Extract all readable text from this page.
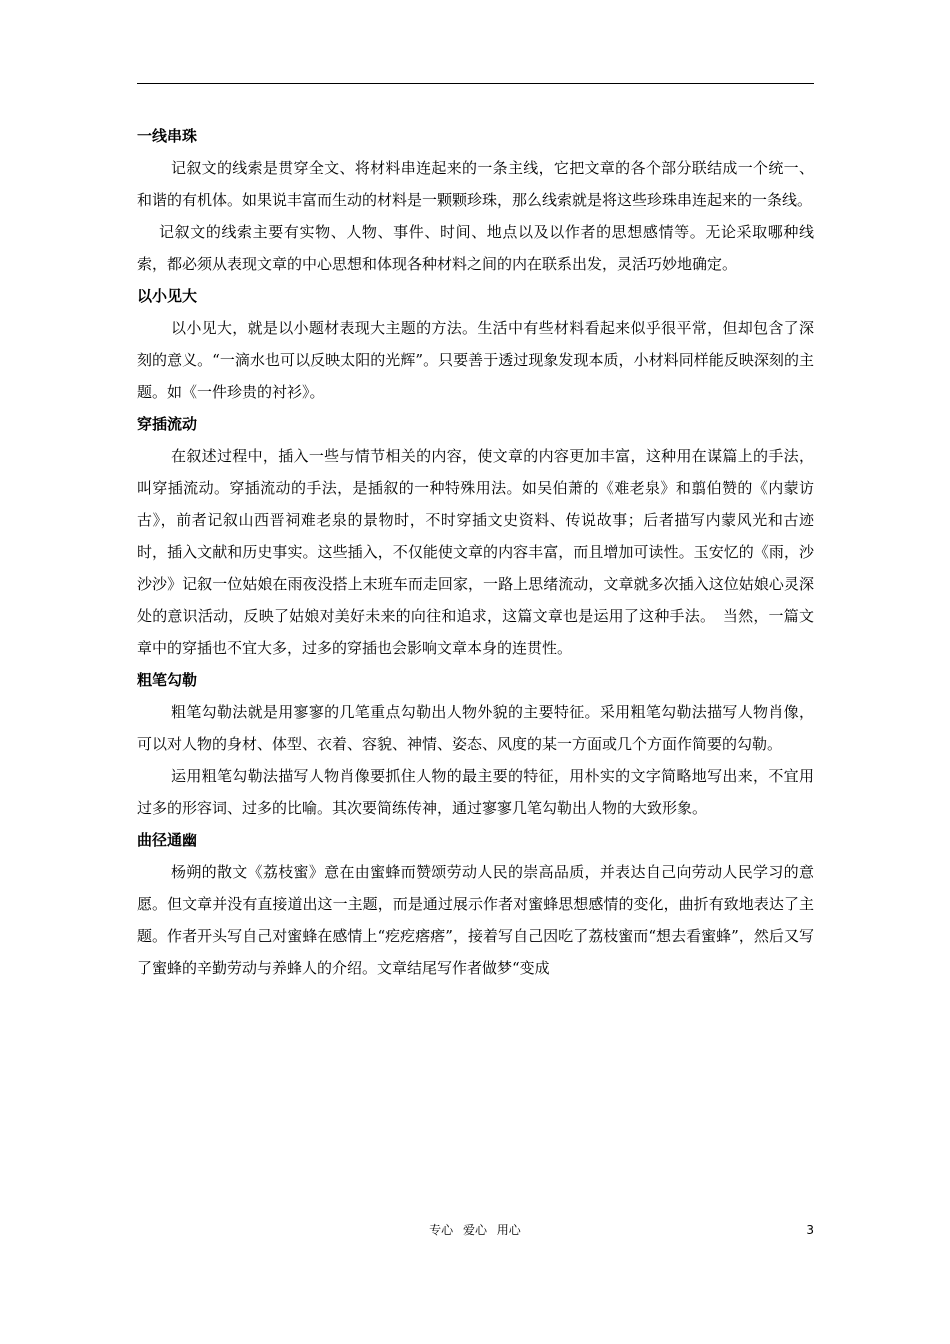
一线串珠

记叙文的线索是贯穿全文、将材料串连起来的一条主线，它把文章的各个部分联结成一个统一、和谐的有机体。如果说丰富而生动的材料是一颗颗珍珠，那么线索就是将这些珍珠串连起来的一条线。

记叙文的线索主要有实物、人物、事件、时间、地点以及以作者的思想感情等。无论采取哪种线索，都必须从表现文章的中心思想和体现各种材料之间的内在联系出发，灵活巧妙地确定。

以小见大

以小见大，就是以小题材表现大主题的方法。生活中有些材料看起来似乎很平常，但却包含了深刻的意义。“一滴水也可以反映太阳的光辉”。只要善于透过现象发现本质，小材料同样能反映深刻的主题。如《一件珍贵的衬衫》。

穿插流动

在叙述过程中，插入一些与情节相关的内容，使文章的内容更加丰富，这种用在谋篇上的手法，叫穿插流动。穿插流动的手法，是插叙的一种特殊用法。如吴伯萧的《难老泉》和翦伯赞的《内蒙访古》，前者记叙山西晋祠难老泉的景物时，不时穿插文史资料、传说故事；后者描写内蒙风光和古迹时，插入文献和历史事实。这些插入，不仅能使文章的内容丰富，而且增加可读性。玉安忆的《雨，沙沙沙》记叙一位姑娘在雨夜没搭上末班车而走回家，一路上思绪流动，文章就多次插入这位姑娘心灵深处的意识活动，反映了姑娘对美好未来的向往和追求，这篇文章也是运用了这种手法。　当然，一篇文章中的穿插也不宜大多，过多的穿插也会影响文章本身的连贯性。

粗笔勾勒

粗笔勾勒法就是用寥寥的几笔重点勾勒出人物外貌的主要特征。采用粗笔勾勒法描写人物肖像，可以对人物的身材、体型、衣着、容貌、神情、姿态、风度的某一方面或几个方面作简要的勾勒。

运用粗笔勾勒法描写人物肖像要抓住人物的最主要的特征，用朴实的文字简略地写出来，不宜用过多的形容词、过多的比喻。其次要简练传神，通过寥寥几笔勾勒出人物的大致形象。

曲径通幽

杨朔的散文《荔枝蜜》意在由蜜蜂而赞颂劳动人民的崇高品质，并表达自己向劳动人民学习的意愿。但文章并没有直接道出这一主题，而是通过展示作者对蜜蜂思想感情的变化，曲折有致地表达了主题。作者开头写自己对蜜蜂在感情上“疙疙瘩瘩”，接着写自己因吃了荔枝蜜而“想去看蜜蜂”，然后又写了蜜蜂的辛勤劳动与养蜂人的介绍。文章结尾写作者做梦“变成

专心 爱心 用心	3
